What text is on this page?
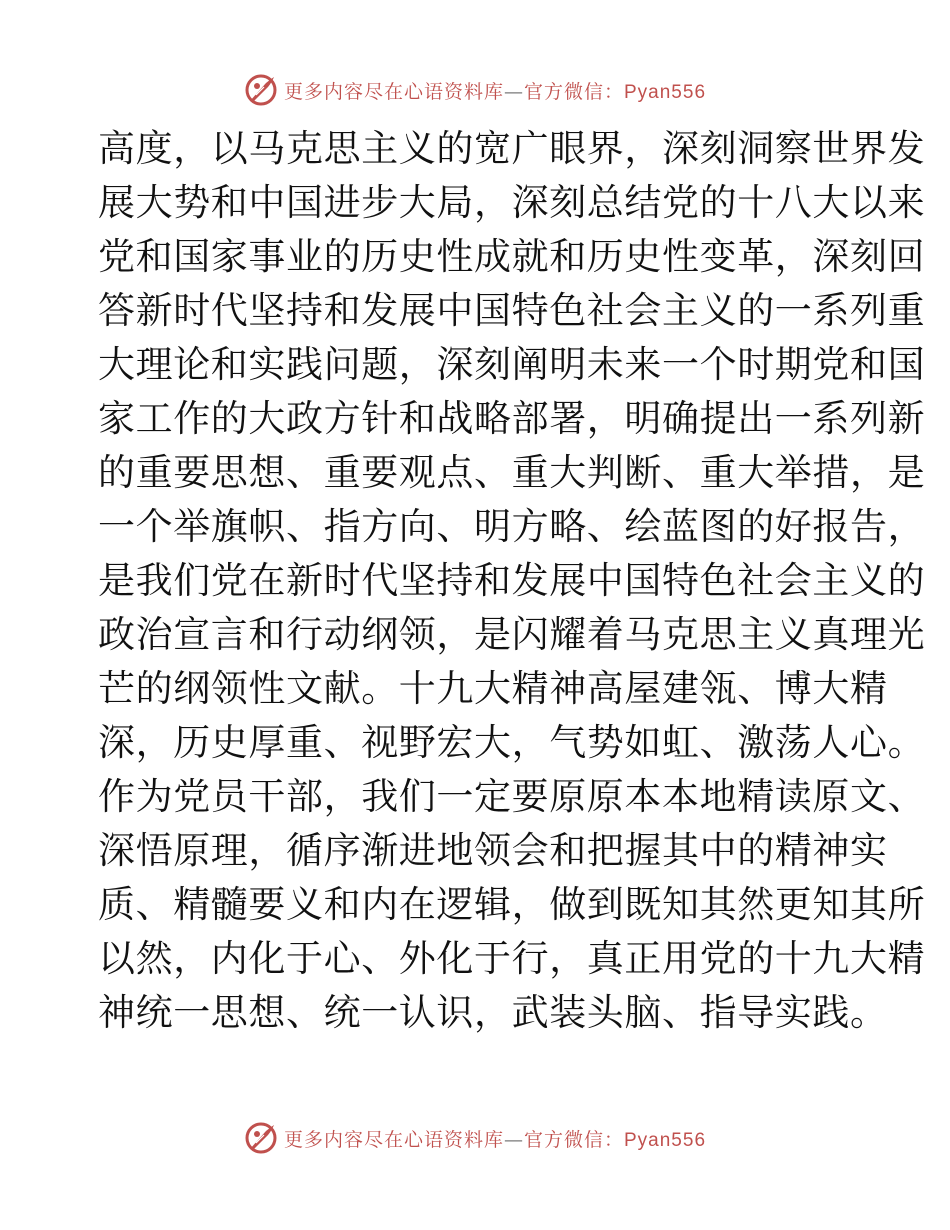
更多内容尽在心语资料库—官方微信：Pyan556
高度，以马克思主义的宽广眼界，深刻洞察世界发
展大势和中国进步大局，深刻总结党的十八大以来
党和国家事业的历史性成就和历史性变革，深刻回
答新时代坚持和发展中国特色社会主义的一系列重
大理论和实践问题，深刻阐明未来一个时期党和国
家工作的大政方针和战略部署，明确提出一系列新
的重要思想、重要观点、重大判断、重大举措，是
一个举旗帜、指方向、明方略、绘蓝图的好报告，
是我们党在新时代坚持和发展中国特色社会主义的
政治宣言和行动纲领，是闪耀着马克思主义真理光
芒的纲领性文献。十九大精神高屋建瓴、博大精
深，历史厚重、视野宏大，气势如虹、激荡人心。
作为党员干部，我们一定要原原本本地精读原文、
深悟原理，循序渐进地领会和把握其中的精神实
质、精髓要义和内在逻辑，做到既知其然更知其所
以然，内化于心、外化于行，真正用党的十九大精
神统一思想、统一认识，武装头脑、指导实践。
更多内容尽在心语资料库—官方微信：Pyan556
